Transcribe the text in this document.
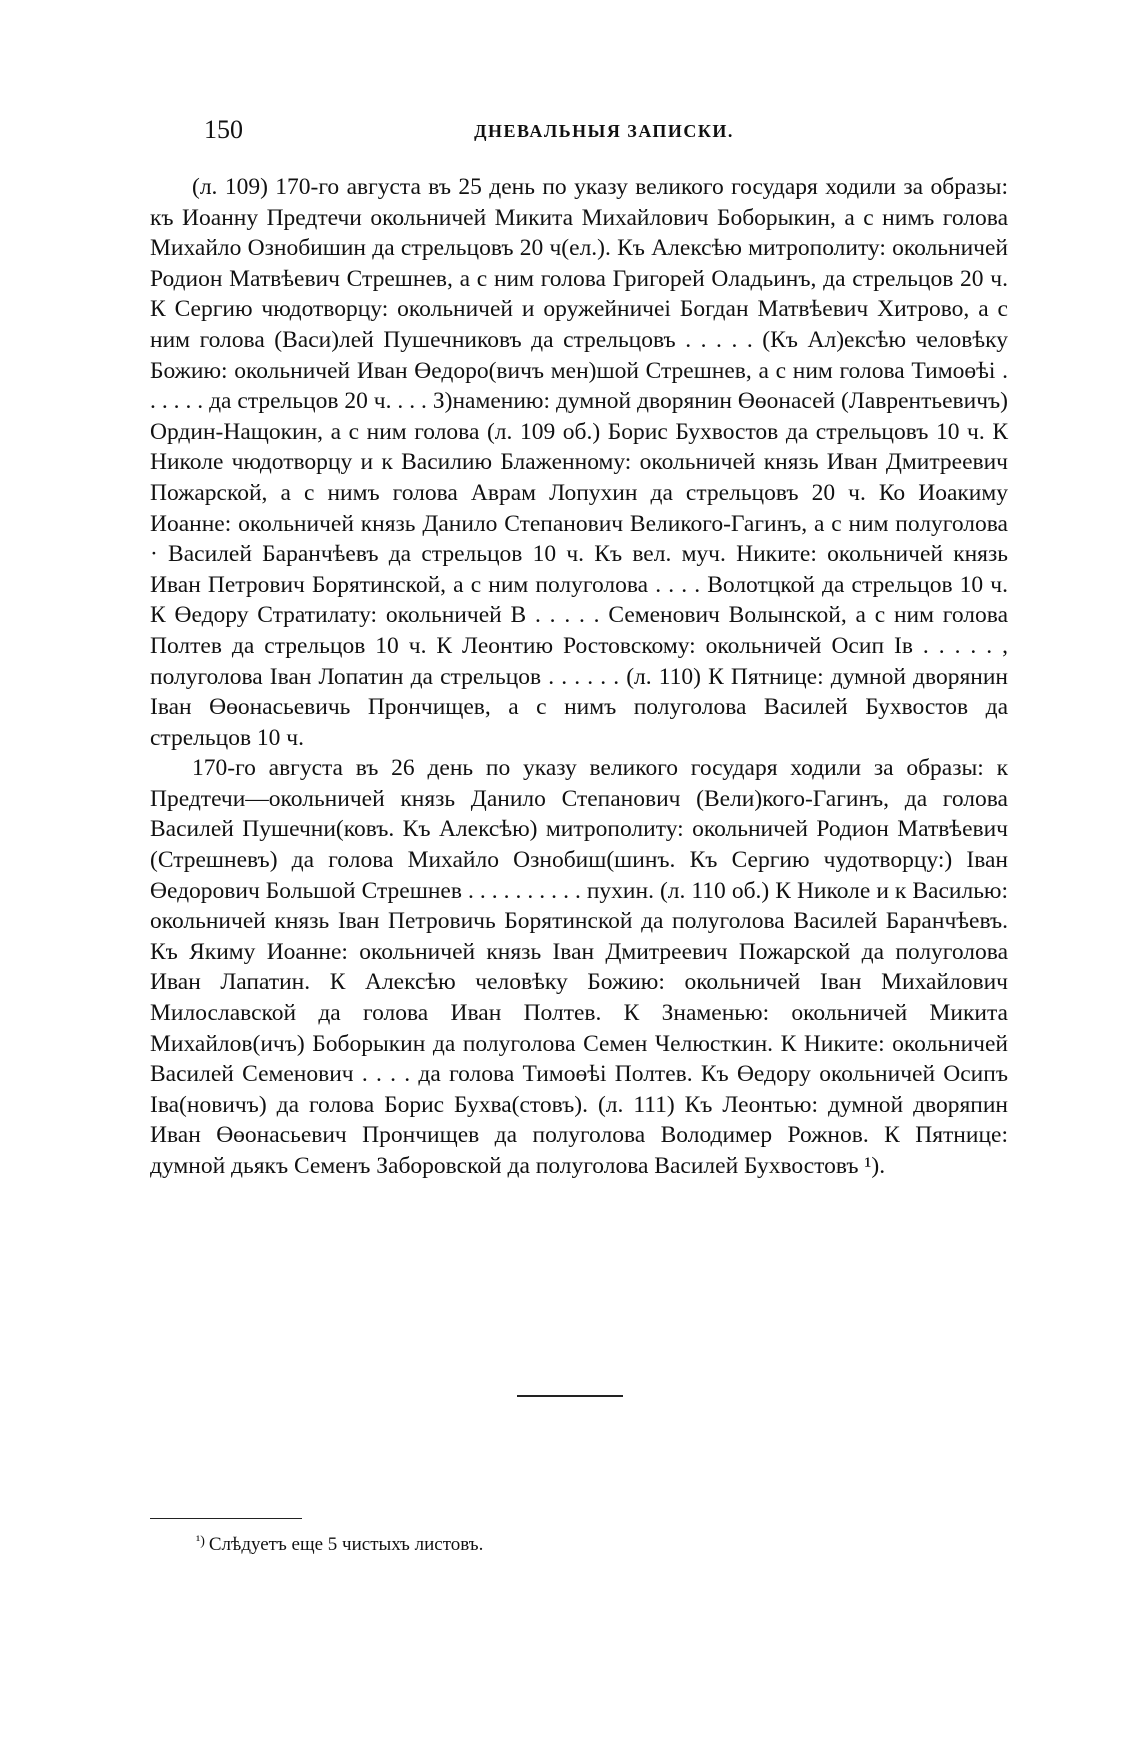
150	ДНЕВАЛЬНЫЯ ЗАПИСКИ.

(л. 109) 170-го августа въ 25 день по указу великого государя ходили за образы: къ Иоанну Предтечи окольничей Микита Михайлович Боборыкин, а с нимъ голова Михайло Ознобишин да стрельцовъ 20 ч(ел.). Къ Алексѣю митрополиту: окольничей Родион Матвѣевич Стрешнев, а с ним голова Григорей Оладьинъ, да стрельцов 20 ч. К Сергию чюдотворцу: окольничей и оружейничеі Богдан Матвѣевич Хитрово, а с ним голова (Васи)лей Пушечниковъ да стрельцовъ . . . . . (Къ Ал)ексѣю человѣку Божию: окольничей Иван Өедоро(вичъ мен)шой Стрешнев, а с ним голова Тимоөѣі . . . . . . да стрельцов 20 ч. . . . З)намению: думной дворянин Өөонасей (Лаврентьевичъ) Ордин-Нащокин, а с ним голова (л. 109 об.) Борис Бухвостов да стрельцовъ 10 ч. К Николе чюдотворцу и к Василию Блаженному: окольничей князь Иван Дмитреевич Пожарской, а с нимъ голова Аврам Лопухин да стрельцовъ 20 ч. Ко Иоакиму Иоанне: окольничей князь Данило Степанович Великого-Гагинъ, а с ним полуголова · Василей Баранчѣевъ да стрельцов 10 ч. Къ вел. муч. Никите: окольничей князь Иван Петрович Борятинской, а с ним полуголова . . . . Волотцкой да стрельцов 10 ч. К Өедору Стратилату: окольничей В . . . . . Семенович Волынской, а с ним голова Полтев да стрельцов 10 ч. К Леонтию Ростовскому: окольничей Осип Ів . . . . . , полуголова Іван Лопатин да стрельцов . . . . . . (л. 110) К Пятнице: думной дворянин Іван Өөонасьевичь Прончищев, а с нимъ полуголова Василей Бухвостов да стрельцов 10 ч.

170-го августа въ 26 день по указу великого государя ходили за образы: к Предтечи—окольничей князь Данило Степанович (Вели)кого-Гагинъ, да голова Василей Пушечни(ковъ. Къ Алексѣю) митрополиту: окольничей Родион Матвѣевич (Стрешневъ) да голова Михайло Ознобиш(шинъ. Къ Сергию чудотворцу:) Іван Өедорович Большой Стрешнев . . . . . . . . . . пухин. (л. 110 об.) К Николе и к Василью: окольничей князь Іван Петровичь Борятинской да полуголова Василей Баранчѣевъ. Къ Якиму Иоанне: окольничей князь Іван Дмитреевич Пожарской да полуголова Иван Лапатин. К Алексѣю человѣку Божию: окольничей Іван Михайлович Милославской да голова Иван Полтев. К Знаменью: окольничей Микита Михайлов(ичъ) Боборыкин да полуголова Семен Челюсткин. К Никите: окольничей Василей Семенович . . . . да голова Тимоөѣі Полтев. Къ Өедору окольничей Осипъ Іва(новичъ) да голова Борис Бухва(стовъ). (л. 111) Къ Леонтью: думной дворяпин Иван Өөонасьевич Прончищев да полуголова Володимер Рожнов. К Пятнице: думной дьякъ Семенъ Заборовской да полуголова Василей Бухвостовъ ¹).

$^{^1)}$ Слѣдуетъ еще 5 чистыхъ листовъ.
